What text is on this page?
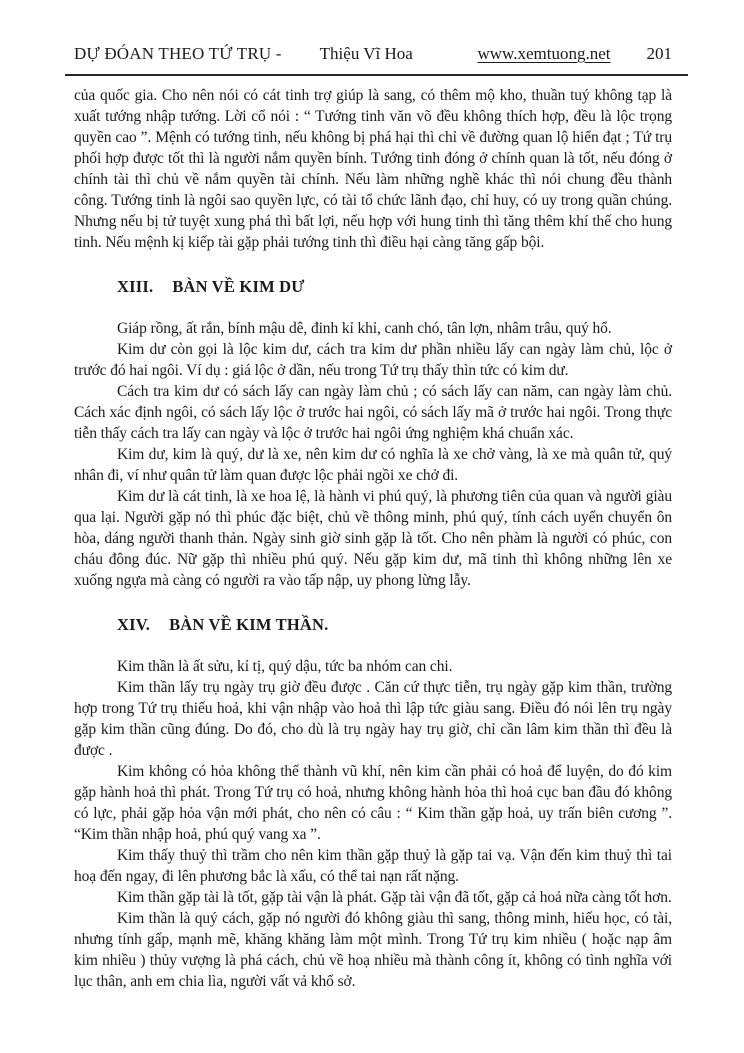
DỰ ĐÓAN THEO TỨ TRỤ - Thiệu Vĩ Hoa	www.xemtuong.net 201

của quốc gia. Cho nên nói có cát tinh trợ giúp là sang, có thêm mộ kho, thuần tuý không tạp là xuất tướng nhập tướng. Lời cổ nói : “ Tướng tinh văn võ đều không thích hợp, đều là lộc trọng quyền cao ”. Mệnh có tướng tinh, nếu không bị phá hại thì chỉ về đường quan lộ hiển đạt ; Tứ trụ phối hợp được tốt thì là người nắm quyền bính. Tướng tinh đóng ở chính quan là tốt, nếu đóng ở chính tài thì chủ về nắm quyền tài chính. Nếu làm những nghề khác thì nói chung đều thành công. Tướng tinh là ngôi sao quyền lực, có tài tổ chức lãnh đạo, chỉ huy, có uy trong quần chúng. Nhưng nếu bị tử tuyệt xung phá thì bất lợi, nếu hợp với hung tinh thì tăng thêm khí thế cho hung tinh. Nếu mệnh kị kiếp tài gặp phải tướng tinh thì điều hại càng tăng gấp bội.

XIII. BÀN VỀ KIM DƯ

Giáp rồng, ất rắn, bính mậu dê, đinh kỉ khỉ, canh chó, tân lợn, nhâm trâu, quý hổ.

Kim dư còn gọi là lộc kim dư, cách tra kim dư phần nhiều lấy can ngày làm chủ, lộc ở trước đó hai ngôi. Ví dụ : giá lộc ở dần, nếu trong Tứ trụ thấy thìn tức có kim dư.

Cách tra kim dư có sách lấy can ngày làm chủ ; có sách lấy can năm, can ngày làm chủ. Cách xác định ngôi, có sách lấy lộc ở trước hai ngôi, có sách lấy mã ở trước hai ngôi. Trong thực tiễn thấy cách tra lấy can ngày và lộc ở trước hai ngôi ứng nghiệm khá chuẩn xác.

Kim dư, kim là quý, dư là xe, nên kim dư có nghĩa là xe chở vàng, là xe mà quân tử, quý nhân đi, ví như quân tử làm quan được lộc phải ngồi xe chở đi.

Kim dư là cát tinh, là xe hoa lệ, là hành vi phú quý, là phương tiên của quan và người giàu qua lại. Người gặp nó thì phúc đặc biệt, chủ về thông minh, phú quý, tính cách uyển chuyển ôn hòa, dáng người thanh thản. Ngày sinh giờ sinh gặp là tốt. Cho nên phàm là người có phúc, con cháu đông đúc. Nữ gặp thì nhiều phú quý. Nếu gặp kim dư, mã tinh thì không những lên xe xuống ngựa mà càng có người ra vào tấp nập, uy phong lừng lẫy.

XIV. BÀN VỀ KIM THẦN.

Kim thần là ất sửu, kỉ tị, quý dậu, tức ba nhóm can chi.

Kim thần lấy trụ ngày trụ giờ đều được . Căn cứ thực tiễn, trụ ngày gặp kim thần, trường hợp trong Tứ trụ thiếu hoả, khi vận nhập vào hoả thì lập tức giàu sang. Điều đó nói lên trụ ngày gặp kim thần cũng đúng. Do đó, cho dù là trụ ngày hay trụ giờ, chỉ cần lâm kim thần thì đều là được .

Kim không có hỏa không thể thành vũ khí, nên kim cần phải có hoả để luyện, do đó kim gặp hành hoả thì phát. Trong Tứ trụ có hoả, nhưng không hành hỏa thì hoả cục ban đầu đó không có lực, phải gặp hỏa vận mới phát, cho nên có câu : “ Kim thần gặp hoả, uy trấn biên cương ”. “Kim thần nhập hoả, phú quý vang xa ”.

Kim thấy thuỷ thì trầm cho nên kim thần gặp thuỷ là gặp tai vạ. Vận đến kim thuỷ thì tai hoạ đến ngay, đi lên phương bắc là xấu, có thể tai nạn rất nặng.

Kim thần gặp tài là tốt, gặp tài vận là phát. Gặp tài vận đã tốt, gặp cả hoả nữa càng tốt hơn.

Kim thần là quý cách, gặp nó người đó không giàu thì sang, thông minh, hiếu học, có tài, nhưng tính gấp, mạnh mẽ, khăng khăng làm một mình. Trong Tứ trụ kim nhiều ( hoặc nạp âm kim nhiều ) thủy vượng là phá cách, chủ về hoạ nhiều mà thành công ít, không có tình nghĩa với lục thân, anh em chia lìa, người vất vả khổ sở.
